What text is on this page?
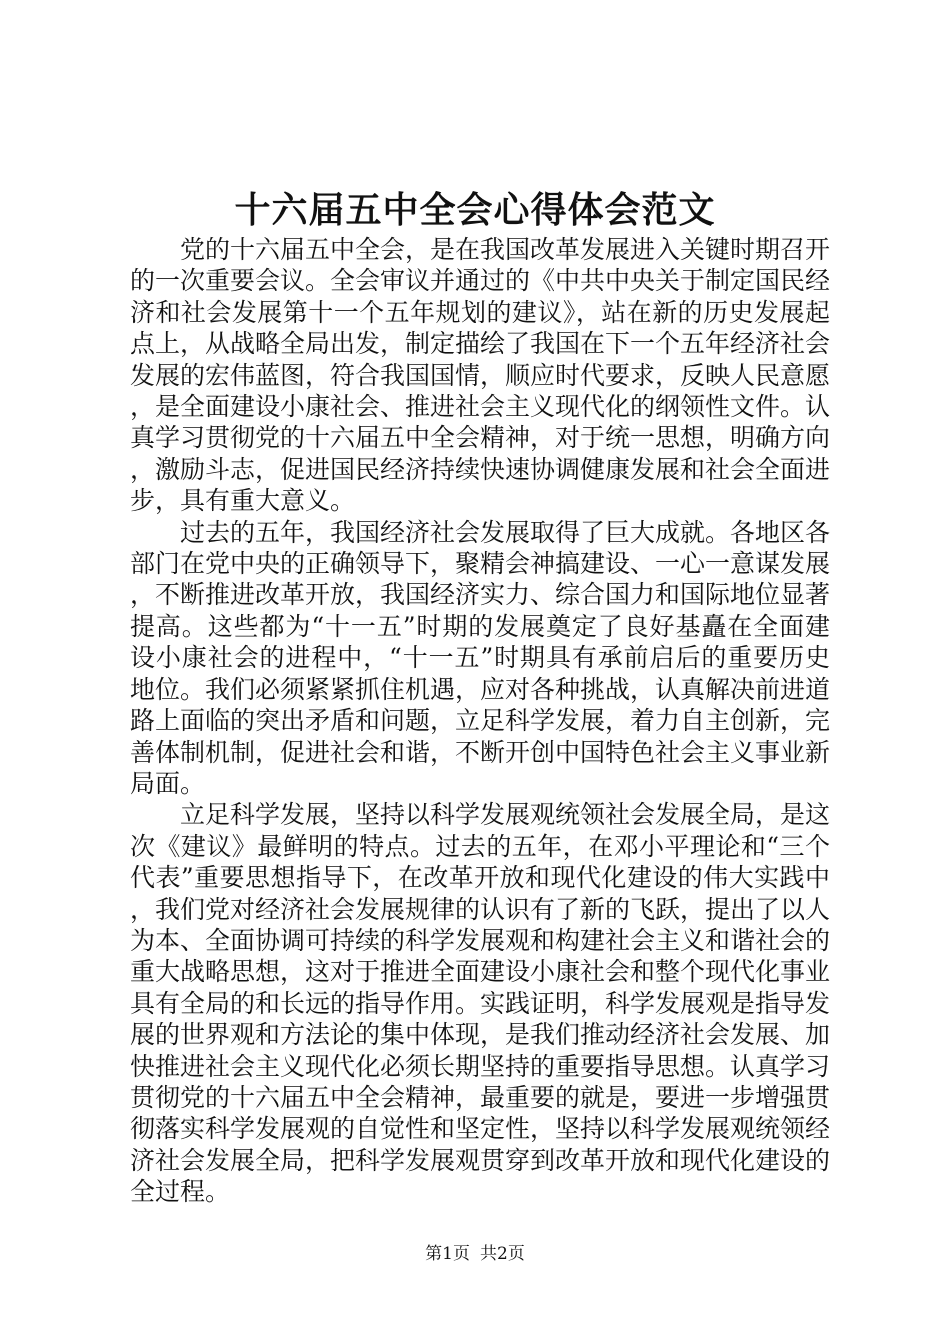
十六届五中全会心得体会范文

党的十六届五中全会，是在我国改革发展进入关键时期召开的一次重要会议。全会审议并通过的《中共中央关于制定国民经济和社会发展第十一个五年规划的建议》，站在新的历史发展起点上，从战略全局出发，制定描绘了我国在下一个五年经济社会发展的宏伟蓝图，符合我国国情，顺应时代要求，反映人民意愿，是全面建设小康社会、推进社会主义现代化的纲领性文件。认真学习贯彻党的十六届五中全会精神，对于统一思想，明确方向，激励斗志，促进国民经济持续快速协调健康发展和社会全面进步，具有重大意义。

过去的五年，我国经济社会发展取得了巨大成就。各地区各部门在党中央的正确领导下，聚精会神搞建设、一心一意谋发展，不断推进改革开放，我国经济实力、综合国力和国际地位显著提高。这些都为“十一五”时期的发展奠定了良好基矗在全面建设小康社会的进程中，“十一五”时期具有承前启后的重要历史地位。我们必须紧紧抓住机遇，应对各种挑战，认真解决前进道路上面临的突出矛盾和问题，立足科学发展，着力自主创新，完善体制机制，促进社会和谐，不断开创中国特色社会主义事业新局面。

立足科学发展，坚持以科学发展观统领社会发展全局，是这次《建议》最鲜明的特点。过去的五年，在邓小平理论和“三个代表”重要思想指导下，在改革开放和现代化建设的伟大实践中，我们党对经济社会发展规律的认识有了新的飞跃，提出了以人为本、全面协调可持续的科学发展观和构建社会主义和谐社会的重大战略思想，这对于推进全面建设小康社会和整个现代化事业具有全局的和长远的指导作用。实践证明，科学发展观是指导发展的世界观和方法论的集中体现，是我们推动经济社会发展、加快推进社会主义现代化必须长期坚持的重要指导思想。认真学习贯彻党的十六届五中全会精神，最重要的就是，要进一步增强贯彻落实科学发展观的自觉性和坚定性，坚持以科学发展观统领经济社会发展全局，把科学发展观贯穿到改革开放和现代化建设的全过程。

第1页 共2页
